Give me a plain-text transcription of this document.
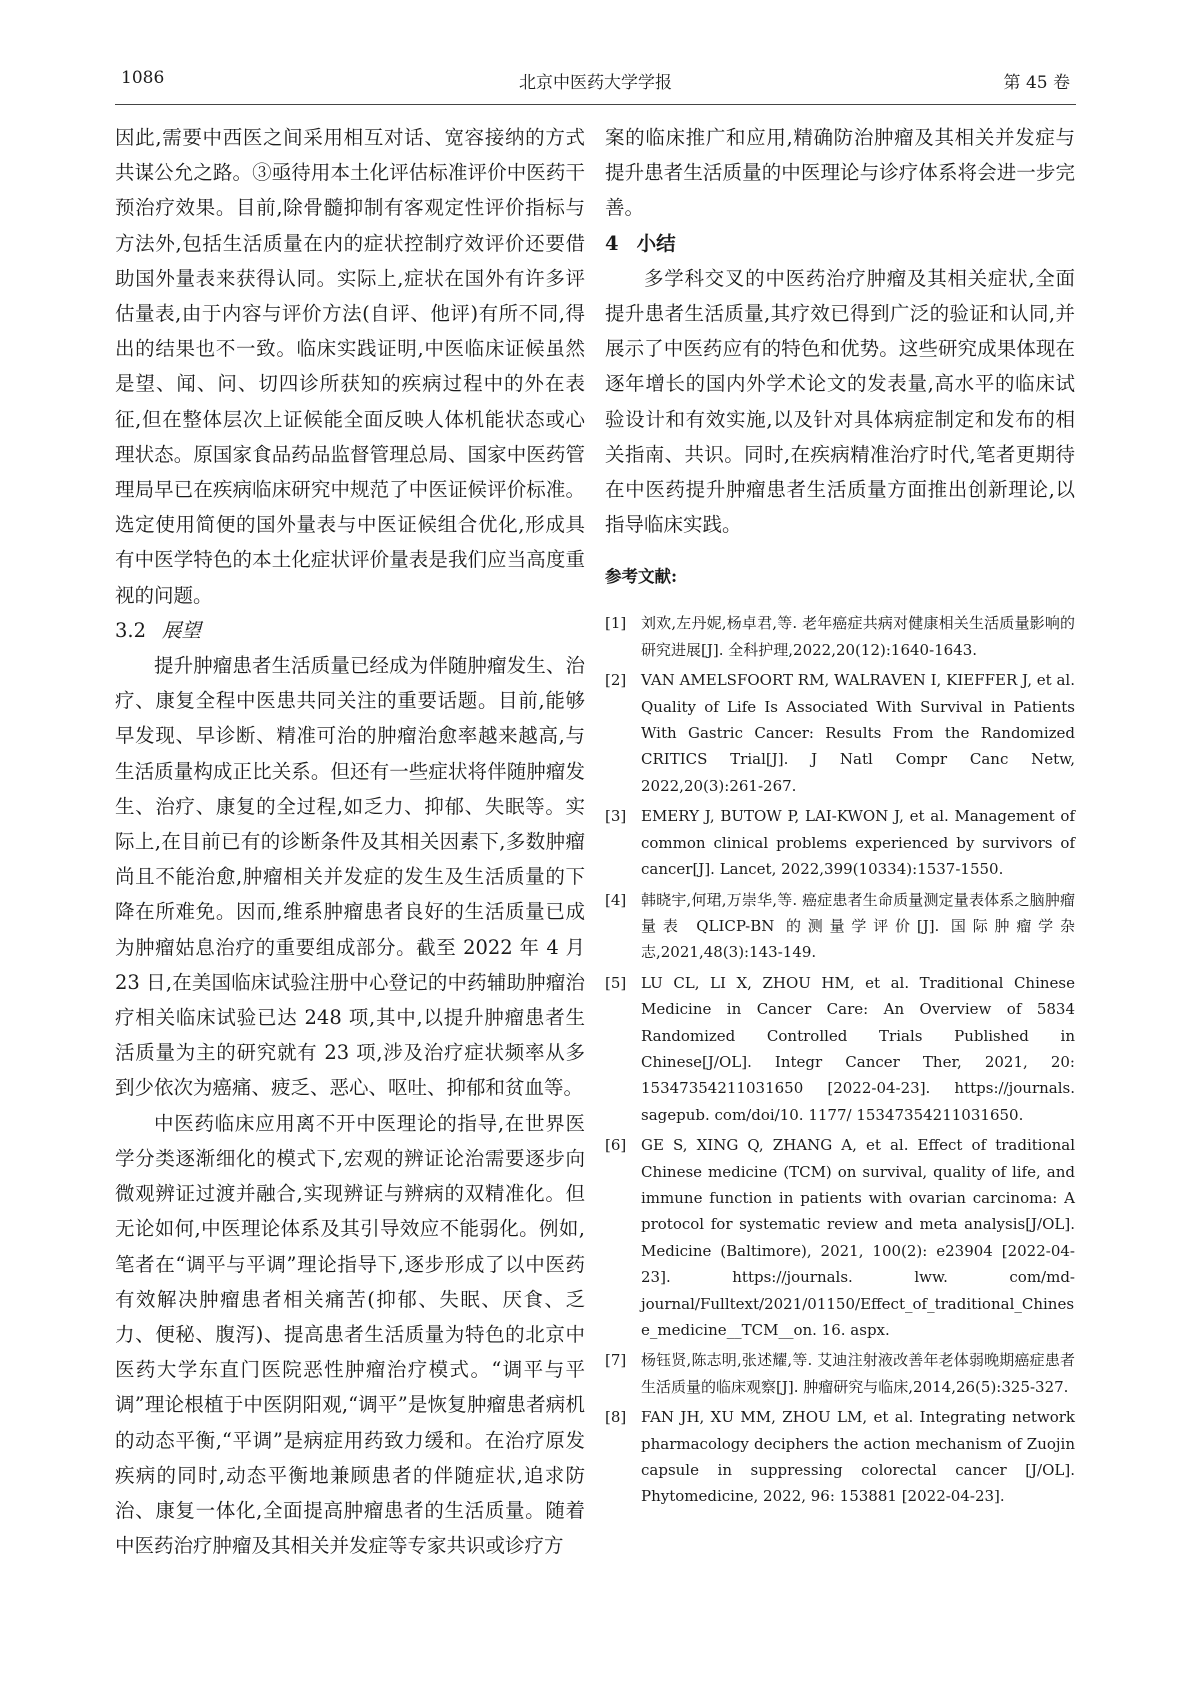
1086	北京中医药大学学报	第 45 卷

因此,需要中西医之间采用相互对话、宽容接纳的方式共谋公允之路。③亟待用本土化评估标准评价中医药干预治疗效果。目前,除骨髓抑制有客观定性评价指标与方法外,包括生活质量在内的症状控制疗效评价还要借助国外量表来获得认同。实际上,症状在国外有许多评估量表,由于内容与评价方法(自评、他评)有所不同,得出的结果也不一致。临床实践证明,中医临床证候虽然是望、闻、问、切四诊所获知的疾病过程中的外在表征,但在整体层次上证候能全面反映人体机能状态或心理状态。原国家食品药品监督管理总局、国家中医药管理局早已在疾病临床研究中规范了中医证候评价标准。选定使用简便的国外量表与中医证候组合优化,形成具有中医学特色的本土化症状评价量表是我们应当高度重视的问题。

3.2 展望

提升肿瘤患者生活质量已经成为伴随肿瘤发生、治疗、康复全程中医患共同关注的重要话题。目前,能够早发现、早诊断、精准可治的肿瘤治愈率越来越高,与生活质量构成正比关系。但还有一些症状将伴随肿瘤发生、治疗、康复的全过程,如乏力、抑郁、失眠等。实际上,在目前已有的诊断条件及其相关因素下,多数肿瘤尚且不能治愈,肿瘤相关并发症的发生及生活质量的下降在所难免。因而,维系肿瘤患者良好的生活质量已成为肿瘤姑息治疗的重要组成部分。截至 2022 年 4 月 23 日,在美国临床试验注册中心登记的中药辅助肿瘤治疗相关临床试验已达 248 项,其中,以提升肿瘤患者生活质量为主的研究就有 23 项,涉及治疗症状频率从多到少依次为癌痛、疲乏、恶心、呕吐、抑郁和贫血等。

中医药临床应用离不开中医理论的指导,在世界医学分类逐渐细化的模式下,宏观的辨证论治需要逐步向微观辨证过渡并融合,实现辨证与辨病的双精准化。但无论如何,中医理论体系及其引导效应不能弱化。例如,笔者在“调平与平调”理论指导下,逐步形成了以中医药有效解决肿瘤患者相关痛苦(抑郁、失眠、厌食、乏力、便秘、腹泻)、提高患者生活质量为特色的北京中医药大学东直门医院恶性肿瘤治疗模式。“调平与平调”理论根植于中医阴阳观,“调平”是恢复肿瘤患者病机的动态平衡,“平调”是病症用药致力缓和。在治疗原发疾病的同时,动态平衡地兼顾患者的伴随症状,追求防治、康复一体化,全面提高肿瘤患者的生活质量。随着中医药治疗肿瘤及其相关并发症等专家共识或诊疗方

案的临床推广和应用,精确防治肿瘤及其相关并发症与提升患者生活质量的中医理论与诊疗体系将会进一步完善。

4 小结

多学科交叉的中医药治疗肿瘤及其相关症状,全面提升患者生活质量,其疗效已得到广泛的验证和认同,并展示了中医药应有的特色和优势。这些研究成果体现在逐年增长的国内外学术论文的发表量,高水平的临床试验设计和有效实施,以及针对具体病症制定和发布的相关指南、共识。同时,在疾病精准治疗时代,笔者更期待在中医药提升肿瘤患者生活质量方面推出创新理论,以指导临床实践。

参考文献:
[1] 刘欢,左丹妮,杨卓君,等. 老年癌症共病对健康相关生活质量影响的研究进展[J]. 全科护理,2022,20(12):1640-1643.
[2] VAN AMELSFOORT RM, WALRAVEN I, KIEFFER J, et al. Quality of Life Is Associated With Survival in Patients With Gastric Cancer: Results From the Randomized CRITICS Trial[J]. J Natl Compr Canc Netw, 2022,20(3):261-267.
[3] EMERY J, BUTOW P, LAI-KWON J, et al. Management of common clinical problems experienced by survivors of cancer[J]. Lancet, 2022,399(10334):1537-1550.
[4] 韩晓宇,何珺,万崇华,等. 癌症患者生命质量测定量表体系之脑肿瘤量表 QLICP-BN 的测量学评价[J]. 国际肿瘤学杂志,2021,48(3):143-149.
[5] LU CL, LI X, ZHOU HM, et al. Traditional Chinese Medicine in Cancer Care: An Overview of 5834 Randomized Controlled Trials Published in Chinese[J/OL]. Integr Cancer Ther, 2021, 20: 15347354211031650 [2022-04-23]. https://journals. sagepub. com/doi/10. 1177/ 15347354211031650.
[6] GE S, XING Q, ZHANG A, et al. Effect of traditional Chinese medicine (TCM) on survival, quality of life, and immune function in patients with ovarian carcinoma: A protocol for systematic review and meta analysis[J/OL]. Medicine (Baltimore), 2021, 100(2): e23904 [2022-04-23]. https://journals. lww. com/md-journal/Fulltext/2021/01150/Effect_of_traditional_Chinese_medicine__TCM__on. 16. aspx.
[7] 杨钰贤,陈志明,张述耀,等. 艾迪注射液改善年老体弱晚期癌症患者生活质量的临床观察[J]. 肿瘤研究与临床,2014,26(5):325-327.
[8] FAN JH, XU MM, ZHOU LM, et al. Integrating network pharmacology deciphers the action mechanism of Zuojin capsule in suppressing colorectal cancer [J/OL]. Phytomedicine, 2022, 96: 153881 [2022-04-23].
